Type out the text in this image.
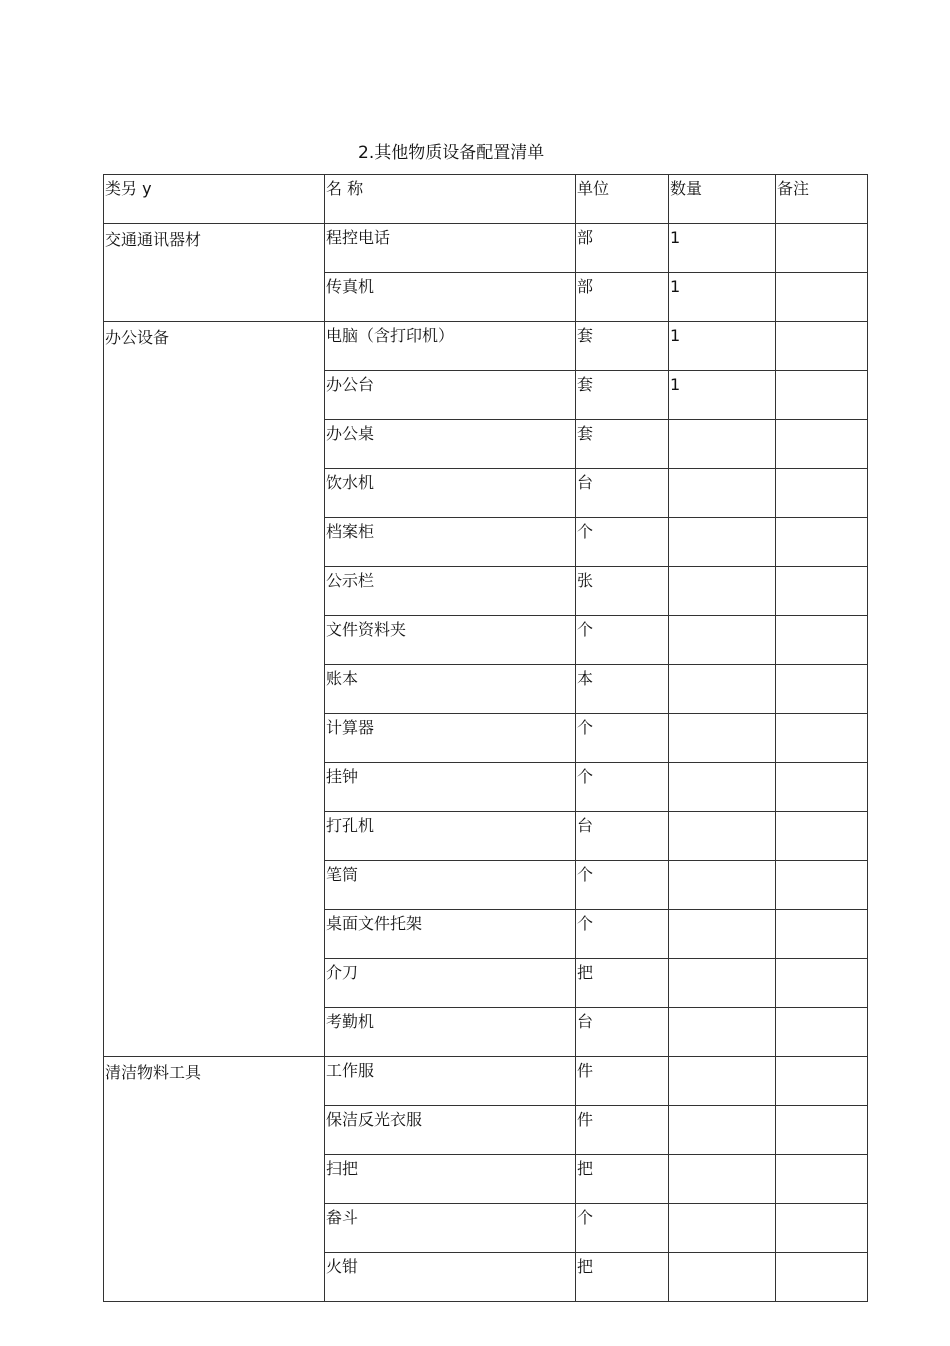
2.其他物质设备配置清单
类另 y	名 称	单位	数量	备注
交通通讯器材	程控电话	部	1	
	传真机	部	1	
办公设备	电脑（含打印机）	套	1	
	办公台	套	1	
	办公桌	套		
	饮水机	台		
	档案柜	个		
	公示栏	张		
	文件资料夹	个		
	账本	本		
	计算器	个		
	挂钟	个		
	打孔机	台		
	笔筒	个		
	桌面文件托架	个		
	介刀	把		
	考勤机	台		
清洁物料工具	工作服	件		
	保洁反光衣服	件		
	扫把	把		
	畚斗	个		
	火钳	把		
